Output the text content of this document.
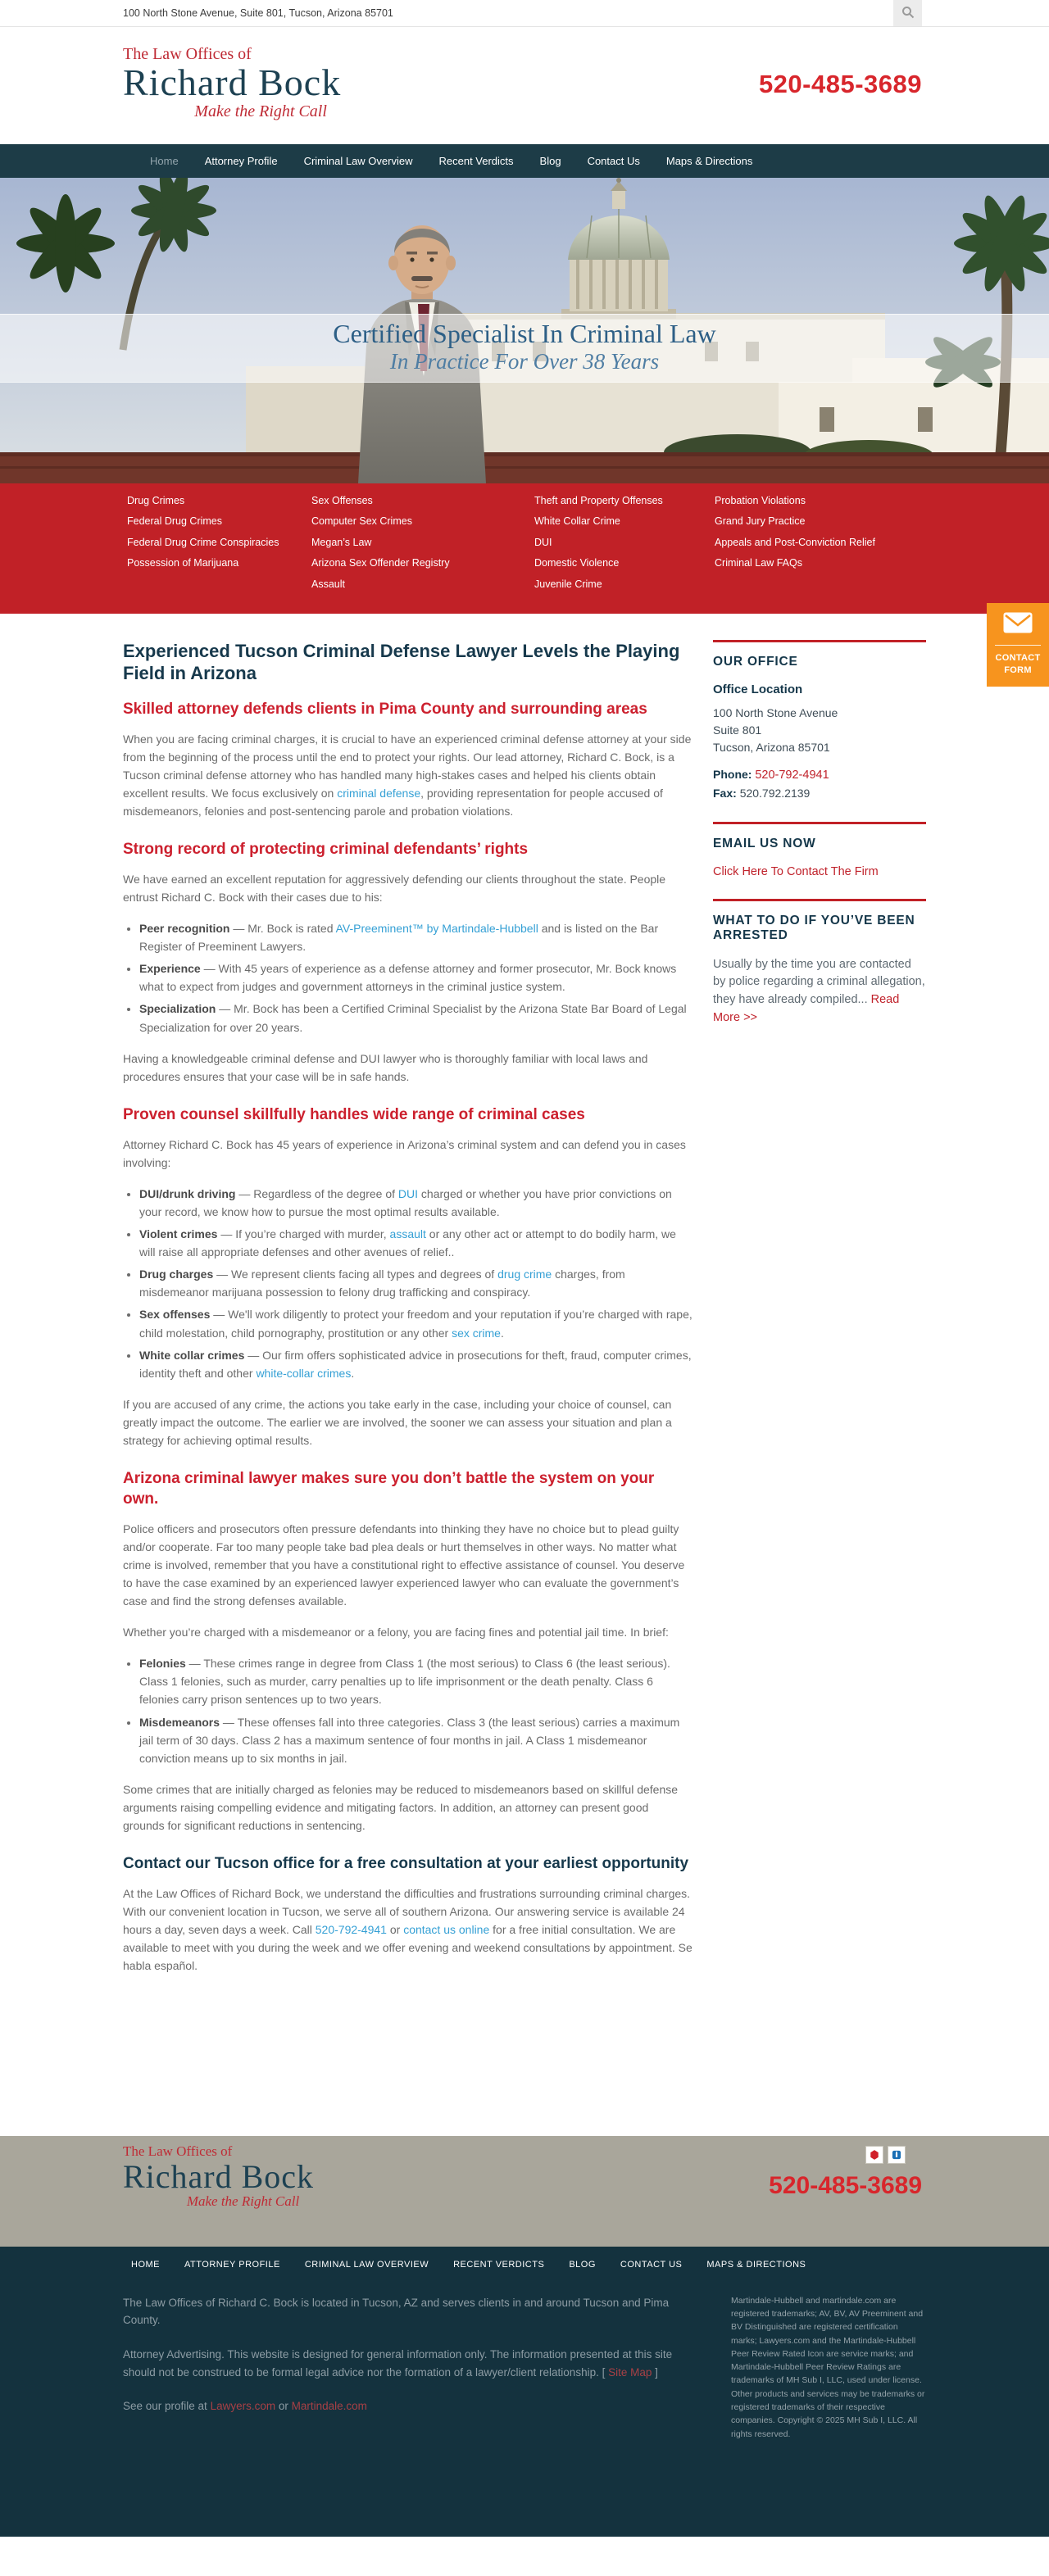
100 North Stone Avenue, Suite 801, Tucson, Arizona 85701
The Law Offices of
Richard Bock
Make the Right Call
520-485-3689
Home Attorney Profile Criminal Law Overview Recent Verdicts Blog Contact Us Maps & Directions
Certified Specialist In Criminal Law
In Practice For Over 38 Years
Drug Crimes
Federal Drug Crimes
Federal Drug Crime Conspiracies
Possession of Marijuana
Sex Offenses
Computer Sex Crimes
Megan’s Law
Arizona Sex Offender Registry
Assault
Theft and Property Offenses
White Collar Crime
DUI
Domestic Violence
Juvenile Crime
Probation Violations
Grand Jury Practice
Appeals and Post-Conviction Relief
Criminal Law FAQs
CONTACT
FORM
Experienced Tucson Criminal Defense Lawyer Levels the Playing Field in Arizona
Skilled attorney defends clients in Pima County and surrounding areas

When you are facing criminal charges, it is crucial to have an experienced criminal defense attorney at your side from the beginning of the process until the end to protect your rights. Our lead attorney, Richard C. Bock, is a Tucson criminal defense attorney who has handled many high-stakes cases and helped his clients obtain excellent results. We focus exclusively on criminal defense, providing representation for people accused of misdemeanors, felonies and post-sentencing parole and probation violations.

Strong record of protecting criminal defendants’ rights

We have earned an excellent reputation for aggressively defending our clients throughout the state. People entrust Richard C. Bock with their cases due to his:

• Peer recognition — Mr. Bock is rated AV-Preeminent™ by Martindale-Hubbell and is listed on the Bar Register of Preeminent Lawyers.
• Experience — With 45 years of experience as a defense attorney and former prosecutor, Mr. Bock knows what to expect from judges and government attorneys in the criminal justice system.
• Specialization — Mr. Bock has been a Certified Criminal Specialist by the Arizona State Bar Board of Legal Specialization for over 20 years.

Having a knowledgeable criminal defense and DUI lawyer who is thoroughly familiar with local laws and procedures ensures that your case will be in safe hands.

Proven counsel skillfully handles wide range of criminal cases

Attorney Richard C. Bock has 45 years of experience in Arizona’s criminal system and can defend you in cases involving:

• DUI/drunk driving — Regardless of the degree of DUI charged or whether you have prior convictions on your record, we know how to pursue the most optimal results available.
• Violent crimes — If you’re charged with murder, assault or any other act or attempt to do bodily harm, we will raise all appropriate defenses and other avenues of relief..
• Drug charges — We represent clients facing all types and degrees of drug crime charges, from misdemeanor marijuana possession to felony drug trafficking and conspiracy.
• Sex offenses — We'll work diligently to protect your freedom and your reputation if you’re charged with rape, child molestation, child pornography, prostitution or any other sex crime.
• White collar crimes — Our firm offers sophisticated advice in prosecutions for theft, fraud, computer crimes, identity theft and other white-collar crimes.

If you are accused of any crime, the actions you take early in the case, including your choice of counsel, can greatly impact the outcome. The earlier we are involved, the sooner we can assess your situation and plan a strategy for achieving optimal results.

Arizona criminal lawyer makes sure you don’t battle the system on your own.

Police officers and prosecutors often pressure defendants into thinking they have no choice but to plead guilty and/or cooperate. Far too many people take bad plea deals or hurt themselves in other ways. No matter what crime is involved, remember that you have a constitutional right to effective assistance of counsel. You deserve to have the case examined by an experienced lawyer experienced lawyer who can evaluate the government’s case and find the strong defenses available.

Whether you’re charged with a misdemeanor or a felony, you are facing fines and potential jail time. In brief:

• Felonies — These crimes range in degree from Class 1 (the most serious) to Class 6 (the least serious). Class 1 felonies, such as murder, carry penalties up to life imprisonment or the death penalty. Class 6 felonies carry prison sentences up to two years.
• Misdemeanors — These offenses fall into three categories. Class 3 (the least serious) carries a maximum jail term of 30 days. Class 2 has a maximum sentence of four months in jail. A Class 1 misdemeanor conviction means up to six months in jail.

Some crimes that are initially charged as felonies may be reduced to misdemeanors based on skillful defense arguments raising compelling evidence and mitigating factors. In addition, an attorney can present good grounds for significant reductions in sentencing.

Contact our Tucson office for a free consultation at your earliest opportunity

At the Law Offices of Richard Bock, we understand the difficulties and frustrations surrounding criminal charges. With our convenient location in Tucson, we serve all of southern Arizona. Our answering service is available 24 hours a day, seven days a week. Call 520-792-4941 or contact us online for a free initial consultation. We are available to meet with you during the week and we offer evening and weekend consultations by appointment. Se habla español.

OUR OFFICE
Office Location
100 North Stone Avenue
Suite 801
Tucson, Arizona 85701
Phone: 520-792-4941
Fax: 520.792.2139
EMAIL US NOW
Click Here To Contact The Firm
WHAT TO DO IF YOU’VE BEEN ARRESTED
Usually by the time you are contacted by police regarding a criminal allegation, they have already compiled... Read More >>
The Law Offices of
Richard Bock
Make the Right Call
520-485-3689
HOME	ATTORNEY PROFILE	CRIMINAL LAW OVERVIEW	RECENT VERDICTS	BLOG	CONTACT US	MAPS & DIRECTIONS

The Law Offices of Richard C. Bock is located in Tucson, AZ and serves clients in and around Tucson and Pima County.

Attorney Advertising. This website is designed for general information only. The information presented at this site should not be construed to be formal legal advice nor the formation of a lawyer/client relationship. [ Site Map ]

See our profile at Lawyers.com or Martindale.com

Martindale-Hubbell and martindale.com are registered trademarks; AV, BV, AV Preeminent and BV Distinguished are registered certification marks; Lawyers.com and the Martindale-Hubbell Peer Review Rated Icon are service marks; and Martindale-Hubbell Peer Review Ratings are trademarks of MH Sub I, LLC, used under license. Other products and services may be trademarks or registered trademarks of their respective companies. Copyright © 2025 MH Sub I, LLC. All rights reserved.
